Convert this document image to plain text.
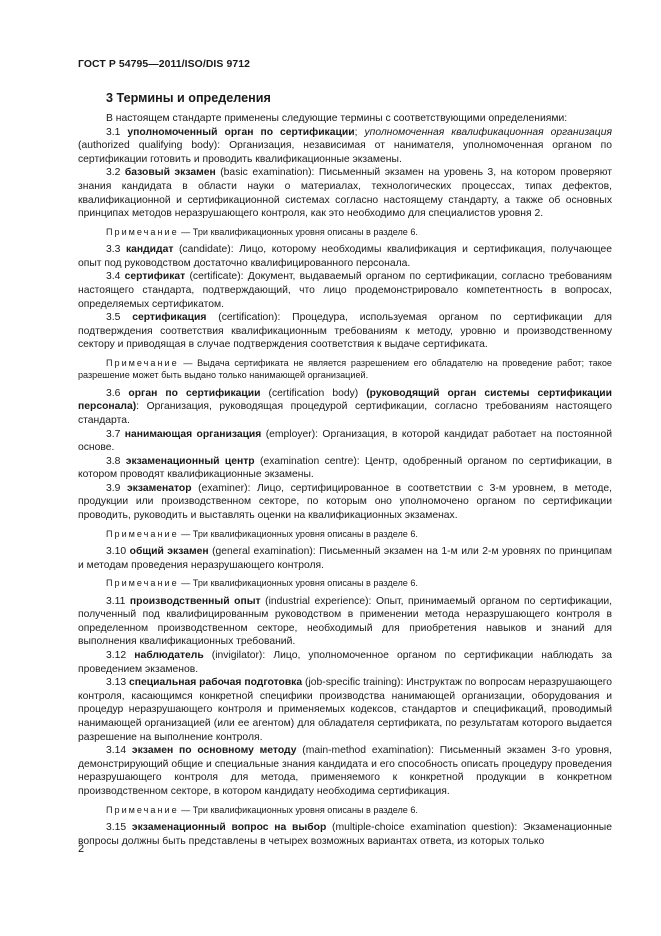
ГОСТ Р 54795—2011/ISO/DIS 9712
3 Термины и определения

В настоящем стандарте применены следующие термины с соответствующими определениями:

3.1 уполномоченный орган по сертификации; уполномоченная квалификационная организация (authorized qualifying body): Организация, независимая от нанимателя, уполномоченная органом по сертификации готовить и проводить квалификационные экзамены.

3.2 базовый экзамен (basic examination): Письменный экзамен на уровень 3, на котором проверяют знания кандидата в области науки о материалах, технологических процессах, типах дефектов, квалификационной и сертификационной системах согласно настоящему стандарту, а также об основных принципах методов неразрушающего контроля, как это необходимо для специалистов уровня 2.

Примечание — Три квалификационных уровня описаны в разделе 6.

3.3 кандидат (candidate): Лицо, которому необходимы квалификация и сертификация, получающее опыт под руководством достаточно квалифицированного персонала.

3.4 сертификат (certificate): Документ, выдаваемый органом по сертификации, согласно требованиям настоящего стандарта, подтверждающий, что лицо продемонстрировало компетентность в вопросах, определяемых сертификатом.

3.5 сертификация (certification): Процедура, используемая органом по сертификации для подтверждения соответствия квалификационным требованиям к методу, уровню и производственному сектору и приводящая в случае подтверждения соответствия к выдаче сертификата.

Примечание — Выдача сертификата не является разрешением его обладателю на проведение работ; такое разрешение может быть выдано только нанимающей организацией.

3.6 орган по сертификации (certification body) (руководящий орган системы сертификации персонала): Организация, руководящая процедурой сертификации, согласно требованиям настоящего стандарта.

3.7 нанимающая организация (employer): Организация, в которой кандидат работает на постоянной основе.

3.8 экзаменационный центр (examination centre): Центр, одобренный органом по сертификации, в котором проводят квалификационные экзамены.

3.9 экзаменатор (examiner): Лицо, сертифицированное в соответствии с 3-м уровнем, в методе, продукции или производственном секторе, по которым оно уполномочено органом по сертификации проводить, руководить и выставлять оценки на квалификационных экзаменах.

Примечание — Три квалификационных уровня описаны в разделе 6.

3.10 общий экзамен (general examination): Письменный экзамен на 1-м или 2-м уровнях по принципам и методам проведения неразрушающего контроля.

Примечание — Три квалификационных уровня описаны в разделе 6.

3.11 производственный опыт (industrial experience): Опыт, принимаемый органом по сертификации, полученный под квалифицированным руководством в применении метода неразрушающего контроля в определенном производственном секторе, необходимый для приобретения навыков и знаний для выполнения квалификационных требований.

3.12 наблюдатель (invigilator): Лицо, уполномоченное органом по сертификации наблюдать за проведением экзаменов.

3.13 специальная рабочая подготовка (job-specific training): Инструктаж по вопросам неразрушающего контроля, касающимся конкретной специфики производства нанимающей организации, оборудования и процедур неразрушающего контроля и применяемых кодексов, стандартов и спецификаций, проводимый нанимающей организацией (или ее агентом) для обладателя сертификата, по результатам которого выдается разрешение на выполнение контроля.

3.14 экзамен по основному методу (main-method examination): Письменный экзамен 3-го уровня, демонстрирующий общие и специальные знания кандидата и его способность описать процедуру проведения неразрушающего контроля для метода, применяемого к конкретной продукции в конкретном производственном секторе, в котором кандидату необходима сертификация.

Примечание — Три квалификационных уровня описаны в разделе 6.

3.15 экзаменационный вопрос на выбор (multiple-choice examination question): Экзаменационные вопросы должны быть представлены в четырех возможных вариантах ответа, из которых только

2
